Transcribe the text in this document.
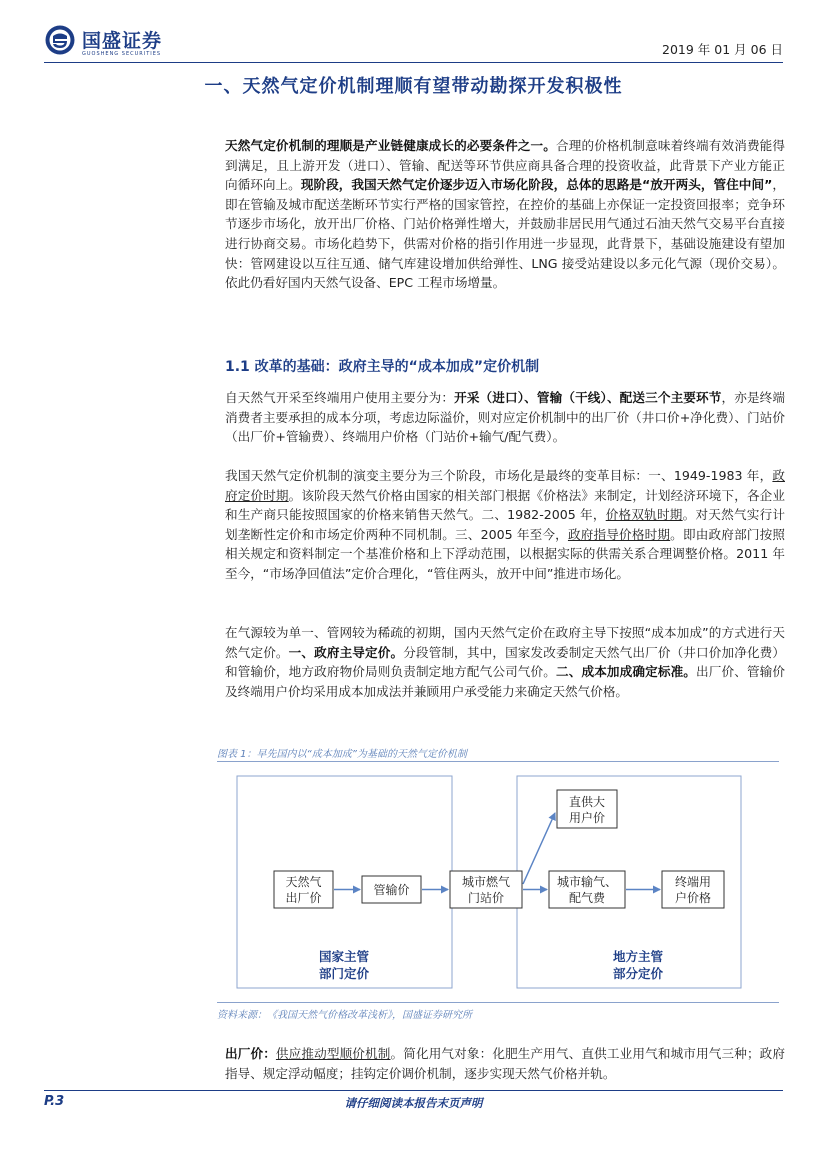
国盛证券
GUOSHENG SECURITIES	2019 年 01 月 06 日
一、天然气定价机制理顺有望带动勘探开发积极性
天然气定价机制的理顺是产业链健康成长的必要条件之一。合理的价格机制意味着终端有效消费能得到满足，且上游开发（进口）、管输、配送等环节供应商具备合理的投资收益，此背景下产业方能正向循环向上。现阶段，我国天然气定价逐步迈入市场化阶段，总体的思路是“放开两头，管住中间”，即在管输及城市配送垄断环节实行严格的国家管控，在控价的基础上亦保证一定投资回报率；竞争环节逐步市场化，放开出厂价格、门站价格弹性增大，并鼓励非居民用气通过石油天然气交易平台直接进行协商交易。市场化趋势下，供需对价格的指引作用进一步显现，此背景下，基础设施建设有望加快：管网建设以互往互通、储气库建设增加供给弹性、LNG 接受站建设以多元化气源（现价交易）。依此仍看好国内天然气设备、EPC 工程市场增量。
1.1 改革的基础：政府主导的“成本加成”定价机制
自天然气开采至终端用户使用主要分为：开采（进口）、管输（干线）、配送三个主要环节，亦是终端消费者主要承担的成本分项，考虑边际溢价，则对应定价机制中的出厂价（井口价+净化费）、门站价（出厂价+管输费）、终端用户价格（门站价+输气/配气费）。
我国天然气定价机制的演变主要分为三个阶段，市场化是最终的变革目标：一、1949-1983 年，政府定价时期。该阶段天然气价格由国家的相关部门根据《价格法》来制定，计划经济环境下，各企业和生产商只能按照国家的价格来销售天然气。二、1982-2005 年，价格双轨时期。对天然气实行计划垄断性定价和市场定价两种不同机制。三、2005 年至今，政府指导价格时期。即由政府部门按照相关规定和资料制定一个基准价格和上下浮动范围，以根据实际的供需关系合理调整价格。2011 年至今，“市场净回值法”定价合理化，“管住两头，放开中间”推进市场化。
在气源较为单一、管网较为稀疏的初期，国内天然气定价在政府主导下按照“成本加成”的方式进行天然气定价。一、政府主导定价。分段管制，其中，国家发改委制定天然气出厂价（井口价加净化费）和管输价，地方政府物价局则负责制定地方配气公司气价。二、成本加成确定标准。出厂价、管输价及终端用户价均采用成本加成法并兼顾用户承受能力来确定天然气价格。
图表 1：早先国内以“成本加成”为基础的天然气定价机制
天然气
出厂价
管输价
城市燃气
门站价
直供大
用户价
城市输气、
配气费
终端用
户价格
国家主管
部门定价
地方主管
部分定价
资料来源：《我国天然气价格改革浅析》，国盛证券研究所
出厂价：供应推动型顺价机制。简化用气对象：化肥生产用气、直供工业用气和城市用气三种；政府指导、规定浮动幅度；挂钩定价调价机制，逐步实现天然气价格并轨。
P.3	请仔细阅读本报告末页声明
